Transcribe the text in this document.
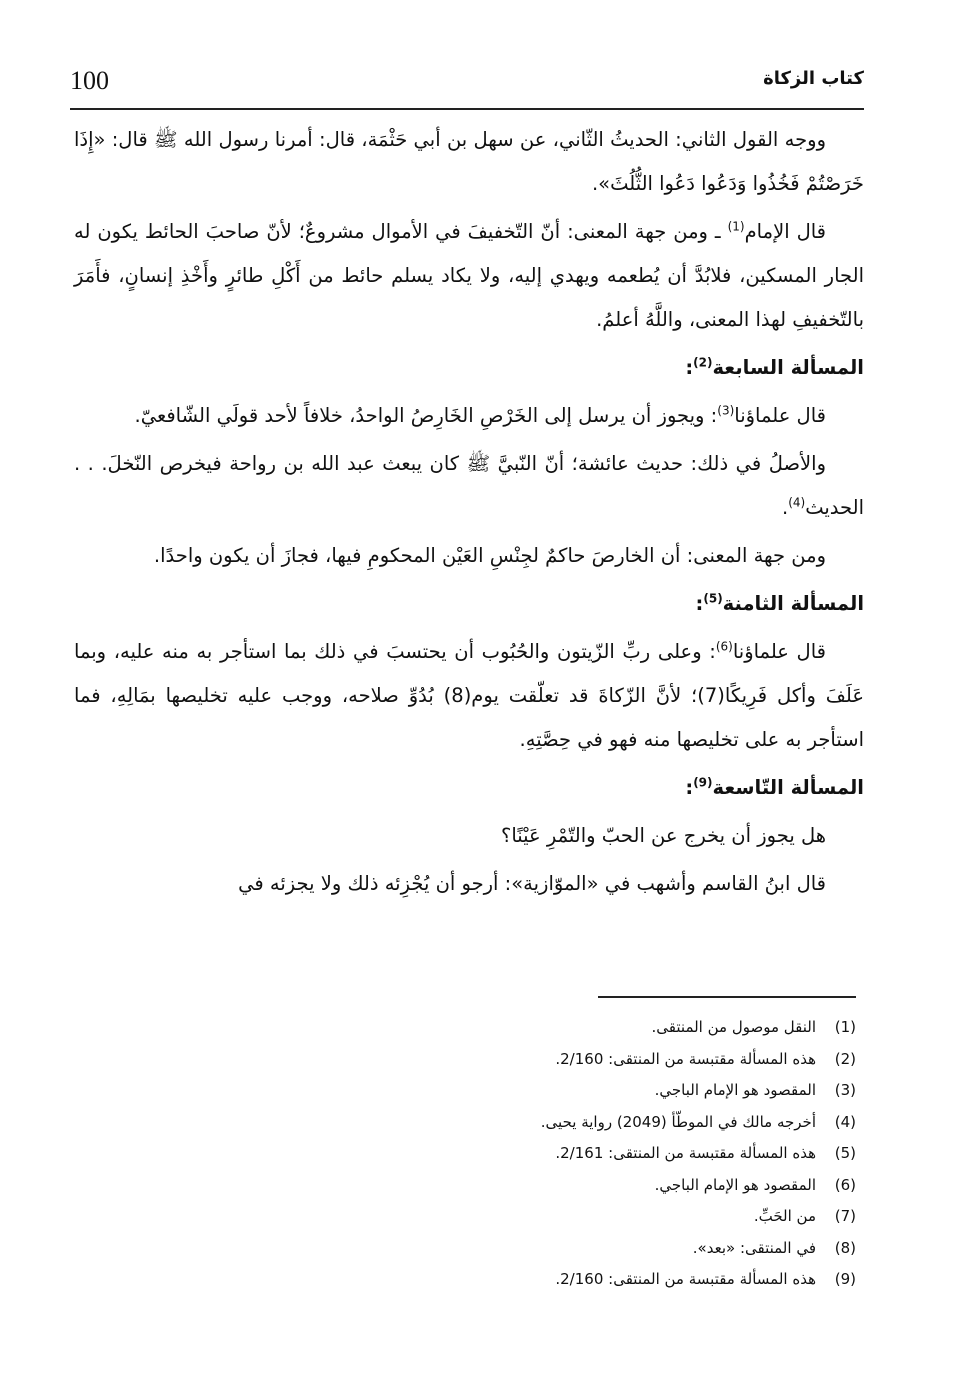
100	كتاب الزكاة

ووجه القول الثاني: الحديثُ الثّاني، عن سهل بن أبي حَثْمَة، قال: أمرنا رسول الله ﷺ قال: «إِذَا خَرَصْتُمْ فَخُذُوا وَدَعُوا دَعُوا الثُّلُثَ».

قال الإمام$^{(1)}$ ـ ومن جهة المعنى: أنّ التّخفيفَ في الأموال مشروعٌ؛ لأنّ صاحبَ الحائط يكون له الجار المسكين، فلابُدَّ أن يُطعمه ويهدي إليه، ولا يكاد يسلم حائط من أَكْلِ طائرٍ وأَخْذِ إنسانٍ، فأَمَرَ بالتّخفيفِ لهذا المعنى، واللَّهُ أعلمُ.

المسألة السابعة$^{(2)}$:

قال علماؤنا$^{(3)}$: ويجوز أن يرسل إلى الخَرْصِ الخَارِصُ الواحدُ، خلافاً لأحد قولَي الشّافعيّ.

والأصلُ في ذلك: حديث عائشة؛ أنّ النّبيَّ ﷺ كان يبعث عبد الله بن رواحة فيخرص النّخلَ. . . الحديث$^{(4)}$.

ومن جهة المعنى: أن الخارصَ حاكمٌ لجِنْسِ العَيْن المحكومِ فيها، فجازَ أن يكون واحدًا.

المسألة الثامنة$^{(5)}$:

قال علماؤنا$^{(6)}$: وعلى ربِّ الزّيتون والحُبُوب أن يحتسبَ في ذلك بما استأجر به منه عليه، وبما عَلَفَ وأكل فَرِيكًا(7)؛ لأنَّ الزّكاةَ قد تعلّقت يوم(8) بُدُوِّ صلاحه، ووجب عليه تخليصها بمَالِهِ، فما استأجر به على تخليصها منه فهو في حِصَّتِهِ.

المسألة التّاسعة$^{(9)}$:

هل يجوز أن يخرج عن الحبّ والتّمْرِ عَيْنًا؟

قال ابنُ القاسم وأشهب في «الموّازية»: أرجو أن يُجْزِئه ذلك ولا يجزئه في

(1)النقل موصول من المنتقى.
(2)هذه المسألة مقتبسة من المنتقى: 2/160.
(3)المقصود هو الإمام الباجي.
(4)أخرجه مالك في الموطّأ (2049) رواية يحيى.
(5)هذه المسألة مقتبسة من المنتقى: 2/161.
(6)المقصود هو الإمام الباجي.
(7)من الحَبِّ.
(8)في المنتقى: «بعد».
(9)هذه المسألة مقتبسة من المنتقى: 2/160.
